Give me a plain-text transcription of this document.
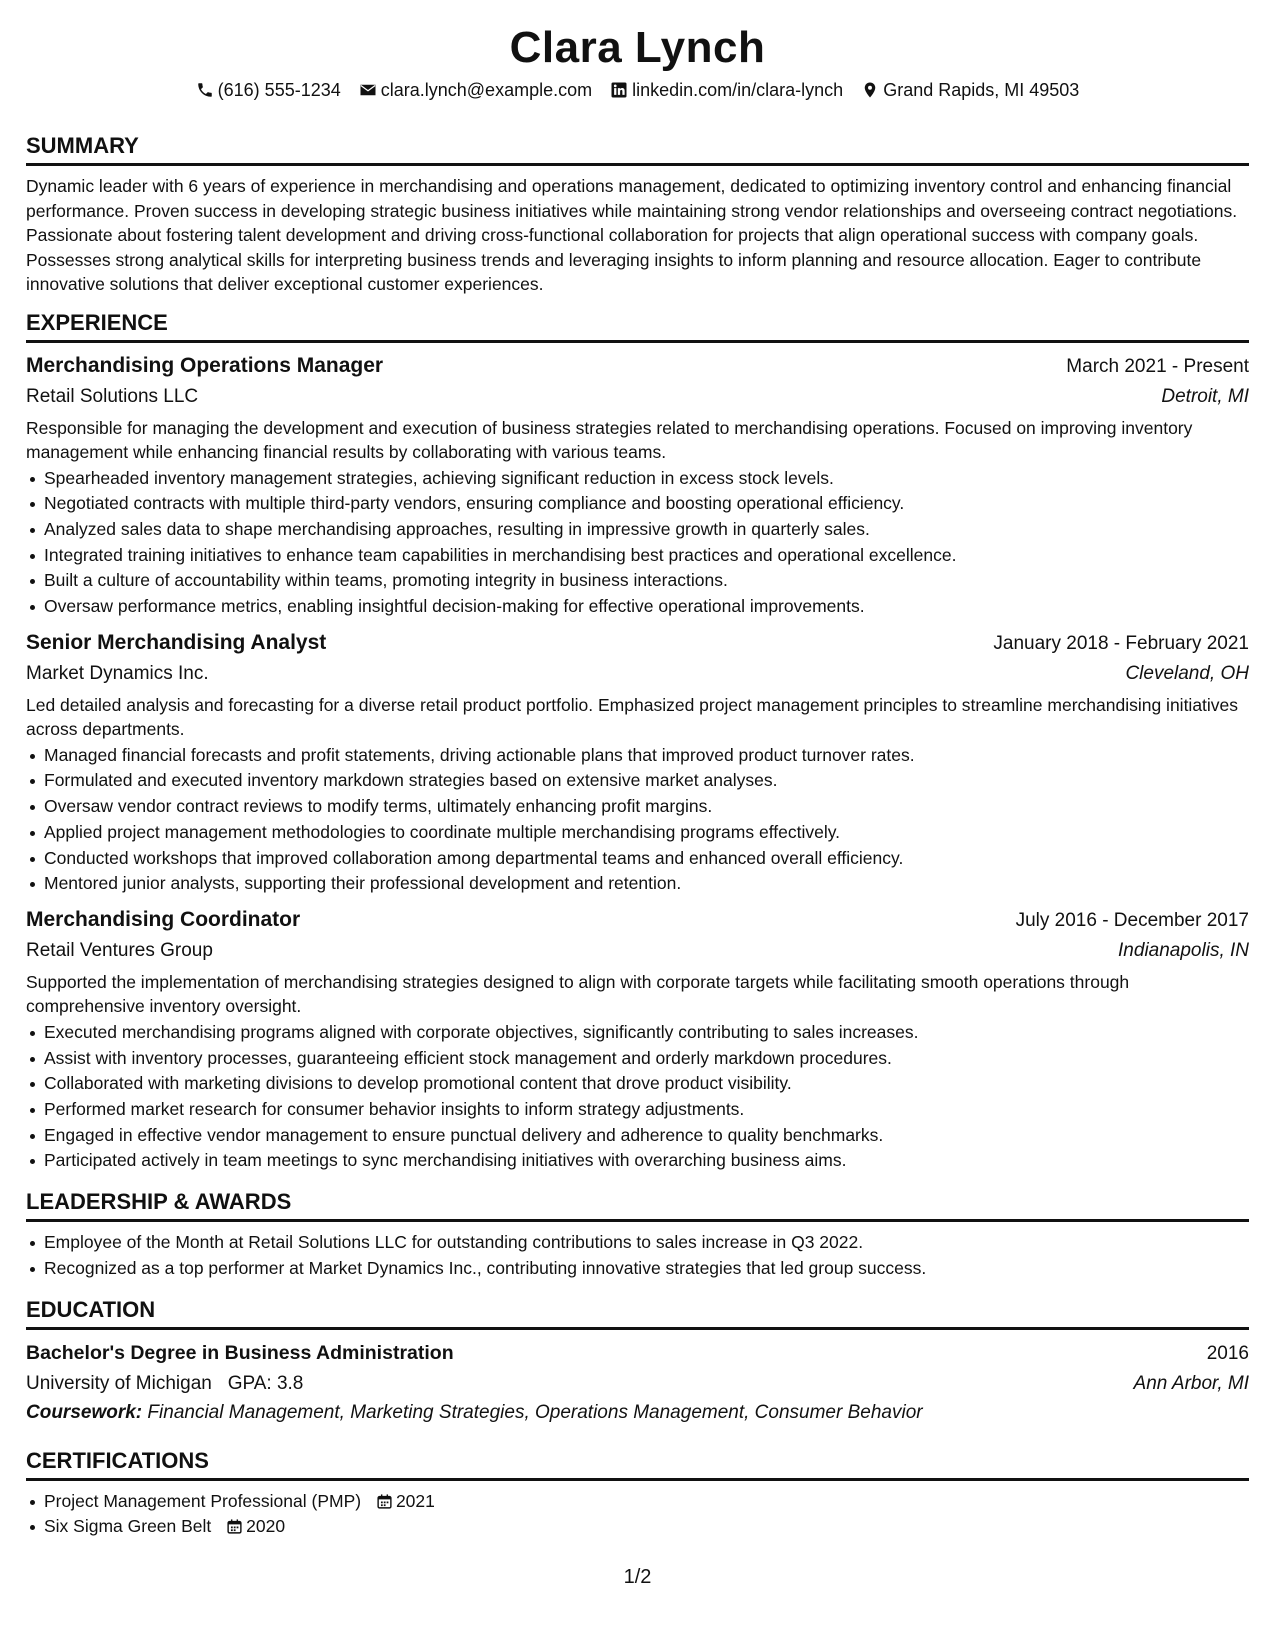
Clara Lynch
(616) 555-1234 clara.lynch@example.com linkedin.com/in/clara-lynch Grand Rapids, MI 49503
SUMMARY
Dynamic leader with 6 years of experience in merchandising and operations management, dedicated to optimizing inventory control and enhancing financial performance. Proven success in developing strategic business initiatives while maintaining strong vendor relationships and overseeing contract negotiations. Passionate about fostering talent development and driving cross-functional collaboration for projects that align operational success with company goals. Possesses strong analytical skills for interpreting business trends and leveraging insights to inform planning and resource allocation. Eager to contribute innovative solutions that deliver exceptional customer experiences.
EXPERIENCE
Merchandising Operations Manager	March 2021 - Present
Retail Solutions LLC	Detroit, MI
Responsible for managing the development and execution of business strategies related to merchandising operations. Focused on improving inventory management while enhancing financial results by collaborating with various teams.
Spearheaded inventory management strategies, achieving significant reduction in excess stock levels.
Negotiated contracts with multiple third-party vendors, ensuring compliance and boosting operational efficiency.
Analyzed sales data to shape merchandising approaches, resulting in impressive growth in quarterly sales.
Integrated training initiatives to enhance team capabilities in merchandising best practices and operational excellence.
Built a culture of accountability within teams, promoting integrity in business interactions.
Oversaw performance metrics, enabling insightful decision-making for effective operational improvements.
Senior Merchandising Analyst	January 2018 - February 2021
Market Dynamics Inc.	Cleveland, OH
Led detailed analysis and forecasting for a diverse retail product portfolio. Emphasized project management principles to streamline merchandising initiatives across departments.
Managed financial forecasts and profit statements, driving actionable plans that improved product turnover rates.
Formulated and executed inventory markdown strategies based on extensive market analyses.
Oversaw vendor contract reviews to modify terms, ultimately enhancing profit margins.
Applied project management methodologies to coordinate multiple merchandising programs effectively.
Conducted workshops that improved collaboration among departmental teams and enhanced overall efficiency.
Mentored junior analysts, supporting their professional development and retention.
Merchandising Coordinator	July 2016 - December 2017
Retail Ventures Group	Indianapolis, IN
Supported the implementation of merchandising strategies designed to align with corporate targets while facilitating smooth operations through comprehensive inventory oversight.
Executed merchandising programs aligned with corporate objectives, significantly contributing to sales increases.
Assist with inventory processes, guaranteeing efficient stock management and orderly markdown procedures.
Collaborated with marketing divisions to develop promotional content that drove product visibility.
Performed market research for consumer behavior insights to inform strategy adjustments.
Engaged in effective vendor management to ensure punctual delivery and adherence to quality benchmarks.
Participated actively in team meetings to sync merchandising initiatives with overarching business aims.
LEADERSHIP & AWARDS
Employee of the Month at Retail Solutions LLC for outstanding contributions to sales increase in Q3 2022.
Recognized as a top performer at Market Dynamics Inc., contributing innovative strategies that led group success.
EDUCATION
Bachelor's Degree in Business Administration	2016
University of Michigan GPA: 3.8	Ann Arbor, MI
Coursework: Financial Management, Marketing Strategies, Operations Management, Consumer Behavior
CERTIFICATIONS
Project Management Professional (PMP) 2021
Six Sigma Green Belt 2020
1/2
